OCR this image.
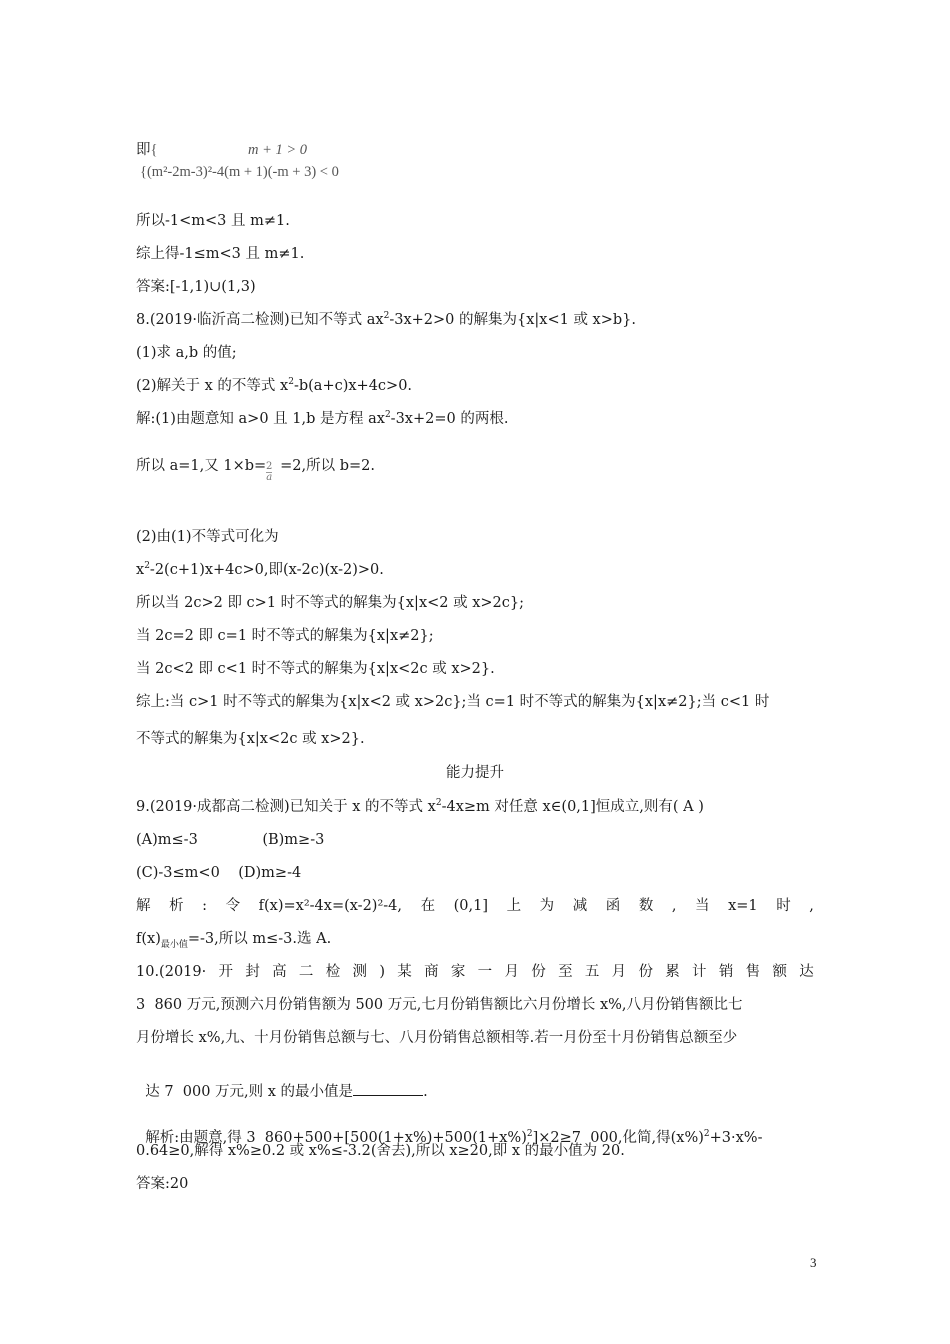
即{	m + 1 > 0
{(m²-2m-3)²-4(m + 1)(-m + 3) < 0
所以-1<m<3 且 m≠1.
综上得-1≤m<3 且 m≠1.
答案:[-1,1)∪(1,3)
8.(2019·临沂高二检测)已知不等式 $ax^2-3x+2>0$ 的解集为{x|x<1 或 x>b}.
(1)求 a,b 的值;
(2)解关于 x 的不等式 $x^2-b(a+c)x+4c>0$.
解:(1)由题意知 a>0 且 1,b 是方程 $ax^2-3x+2=0$ 的两根.
所以 a=1,又 1×b= =2,所以 b=2.
$\frac{2}{a}$
(2)由(1)不等式可化为
$x^2-2(c+1)x+4c>0$,即(x-2c)(x-2)>0.
所以当 2c>2 即 c>1 时不等式的解集为{x|x<2 或 x>2c};
当 2c=2 即 c=1 时不等式的解集为{x|x≠2};
当 2c<2 即 c<1 时不等式的解集为{x|x<2c 或 x>2}.
综上:当 c>1 时不等式的解集为{x|x<2 或 x>2c};当 c=1 时不等式的解集为{x|x≠2};当 c<1 时
不等式的解集为{x|x<2c 或 x>2}.
能力提升
9.(2019·成都高二检测)已知关于 x 的不等式 $x^2-4x\ge m$ 对任意 x∈(0,1]恒成立,则有( A )
(A)m≤-3              (B)m≥-3
(C)-3≤m<0    (D)m≥-4
解 析 : 令 f(x)=x²-4x=(x-2)²-4, 在 (0,1] 上 为 减 函 数 , 当 x=1 时 ,
$f(x)_{最小值}=-3$,所以 m≤-3.选 A.
10.(2019· 开 封 高 二 检 测 ) 某 商 家 一 月 份 至 五 月 份 累 计 销 售 额 达
3  860 万元,预测六月份销售额为 500 万元,七月份销售额比六月份增长 x%,八月份销售额比七
月份增长 x%,九、十月份销售总额与七、八月份销售总额相等.若一月份至十月份销售总额至少

达 7  000 万元,则 x 的最小值是	.

解析:由题意,得 3  $860+500+[500(1+x\%)+500(1+x\%)^2]\times 2\ge 7$  000,化简,得$(x\%)^2+3\cdot x\%-$

0.64≥0,解得 x%≥0.2 或 x%≤-3.2(舍去),所以 x≥20,即 x 的最小值为 20.
答案:20
3
